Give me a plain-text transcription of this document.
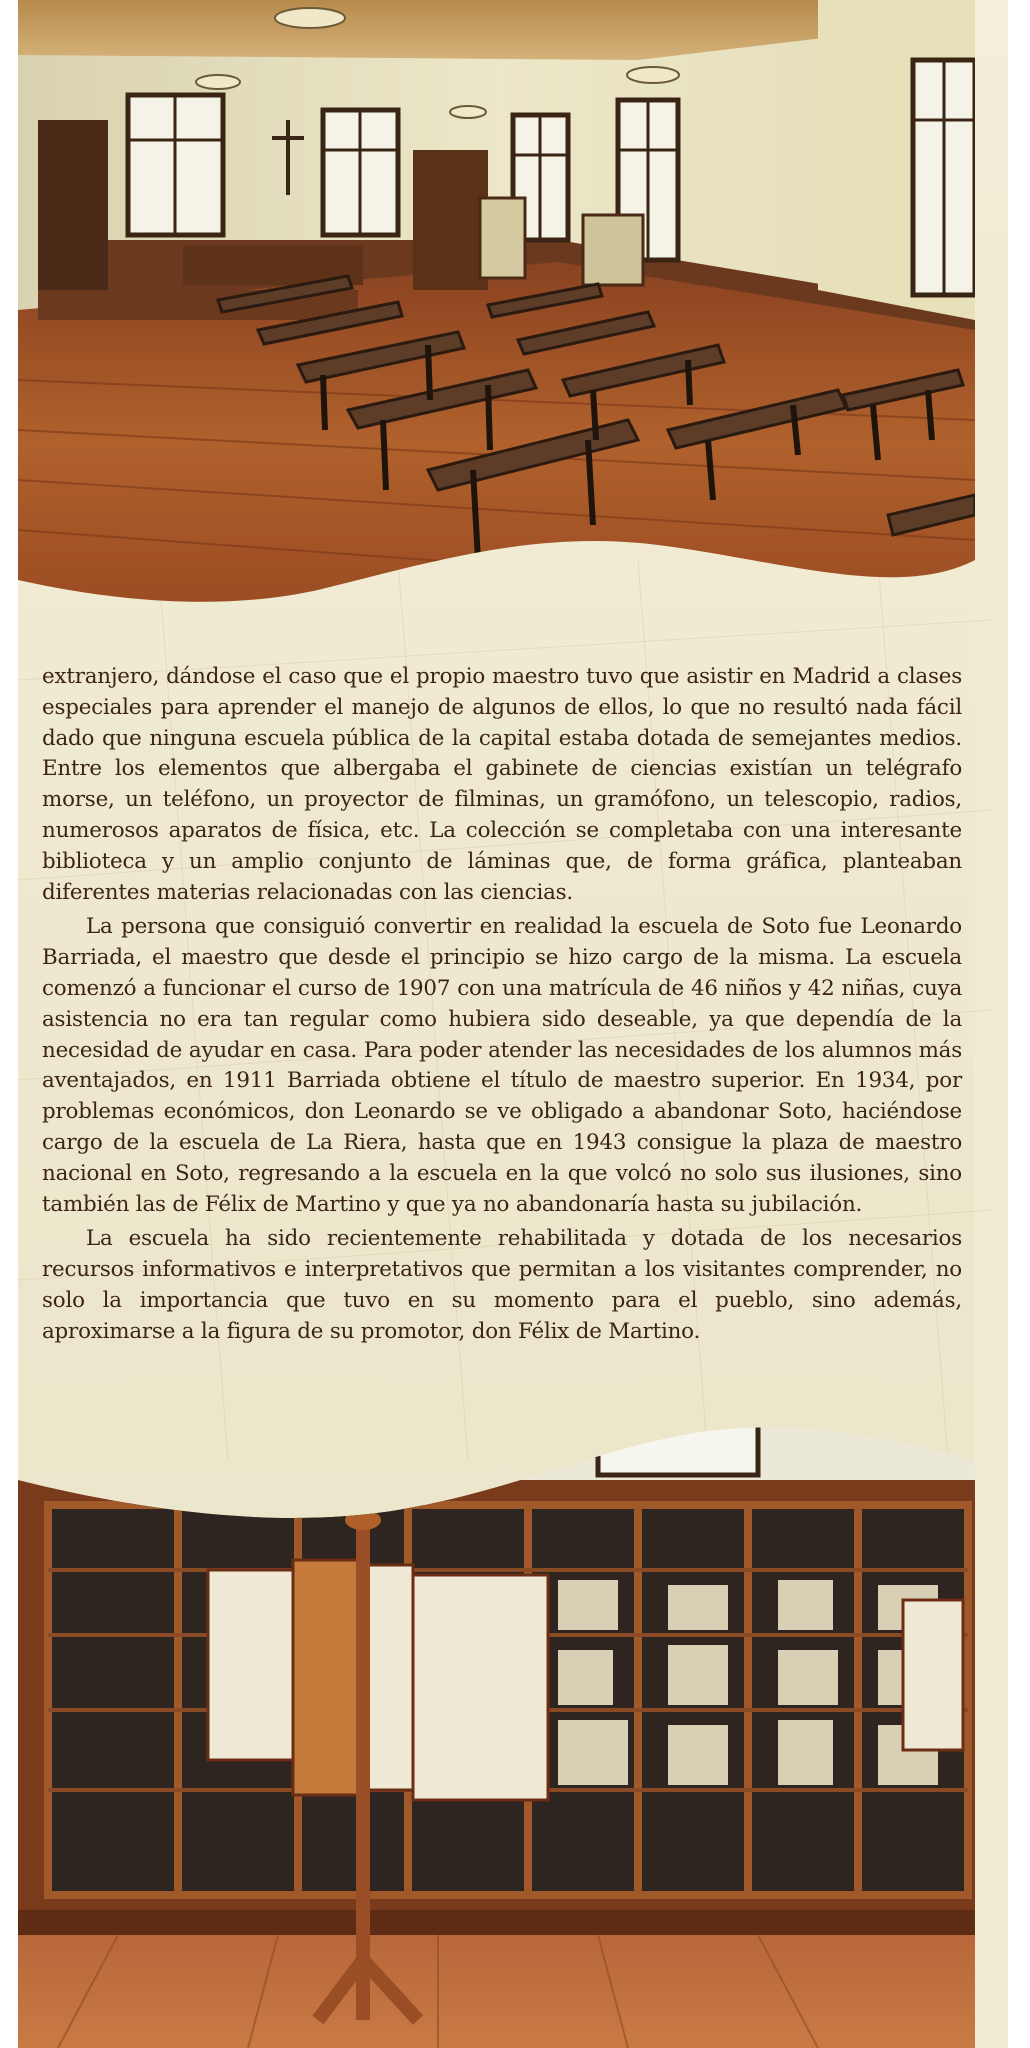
extranjero, dándose el caso que el propio maestro tuvo que asistir en Madrid a clases especiales para aprender el manejo de algunos de ellos, lo que no resultó nada fácil dado que ninguna escuela pública de la capital estaba dotada de semejantes medios. Entre los elementos que albergaba el gabinete de ciencias existían un telégrafo morse, un teléfono, un proyector de filminas, un gramófono, un telescopio, radios, numerosos aparatos de física, etc. La colección se completaba con una interesante biblioteca y un amplio conjunto de láminas que, de forma gráfica, planteaban diferentes materias relacionadas con las ciencias.

La persona que consiguió convertir en realidad la escuela de Soto fue Leonardo Barriada, el maestro que desde el principio se hizo cargo de la misma. La escuela comenzó a funcionar el curso de 1907 con una matrícula de 46 niños y 42 niñas, cuya asistencia no era tan regular como hubiera sido deseable, ya que dependía de la necesidad de ayudar en casa. Para poder atender las necesidades de los alumnos más aventajados, en 1911 Barriada obtiene el título de maestro superior. En 1934, por problemas económicos, don Leonardo se ve obligado a abandonar Soto, haciéndose cargo de la escuela de La Riera, hasta que en 1943 consigue la plaza de maestro nacional en Soto, regresando a la escuela en la que volcó no solo sus ilusiones, sino también las de Félix de Martino y que ya no abandonaría hasta su jubilación.

La escuela ha sido recientemente rehabilitada y dotada de los necesarios recursos informativos e interpretativos que permitan a los visitantes comprender, no solo la importancia que tuvo en su momento para el pueblo, sino además, aproximarse a la figura de su promotor, don Félix de Martino.
